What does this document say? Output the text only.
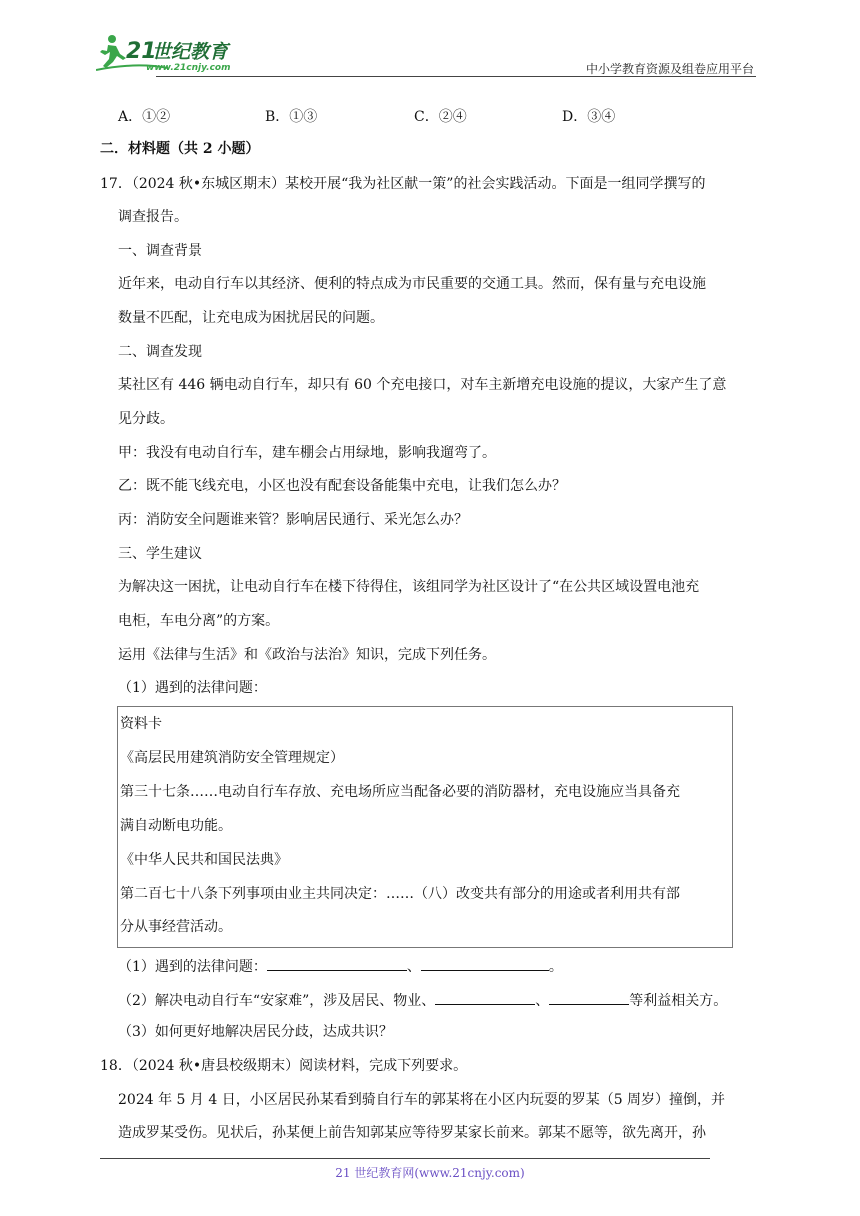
21
世纪教育
www.21cnjy.com	中小学教育资源及组卷应用平台
A．①②	B．①③	C．②④	D．③④
二．材料题（共 2 小题）
17．（2024 秋•东城区期末）某校开展“我为社区献一策”的社会实践活动。下面是一组同学撰写的
调查报告。
一、调查背景
近年来，电动自行车以其经济、便利的特点成为市民重要的交通工具。然而，保有量与充电设施
数量不匹配，让充电成为困扰居民的问题。
二、调查发现
某社区有 446 辆电动自行车，却只有 60 个充电接口，对车主新增充电设施的提议，大家产生了意
见分歧。
甲：我没有电动自行车，建车棚会占用绿地，影响我遛弯了。
乙：既不能飞线充电，小区也没有配套设备能集中充电，让我们怎么办？
丙：消防安全问题谁来管？影响居民通行、采光怎么办？
三、学生建议
为解决这一困扰，让电动自行车在楼下待得住，该组同学为社区设计了“在公共区域设置电池充
电柜，车电分离”的方案。
运用《法律与生活》和《政治与法治》知识，完成下列任务。
（1）遇到的法律问题：
资料卡
《高层民用建筑消防安全管理规定）
第三十七条……电动自行车存放、充电场所应当配备必要的消防器材，充电设施应当具备充
满自动断电功能。
《中华人民共和国民法典》
第二百七十八条下列事项由业主共同决定：……（八）改变共有部分的用途或者利用共有部
分从事经营活动。
（1）遇到的法律问题：	、	。
（2）解决电动自行车“安家难”，涉及居民、物业、	、	等利益相关方。
（3）如何更好地解决居民分歧，达成共识？
18．（2024 秋•唐县校级期末）阅读材料，完成下列要求。
2024 年 5 月 4 日，小区居民孙某看到骑自行车的郭某将在小区内玩耍的罗某（5 周岁）撞倒，并
造成罗某受伤。见状后，孙某便上前告知郭某应等待罗某家长前来。郭某不愿等，欲先离开，孙
21 世纪教育网(www.21cnjy.com)
